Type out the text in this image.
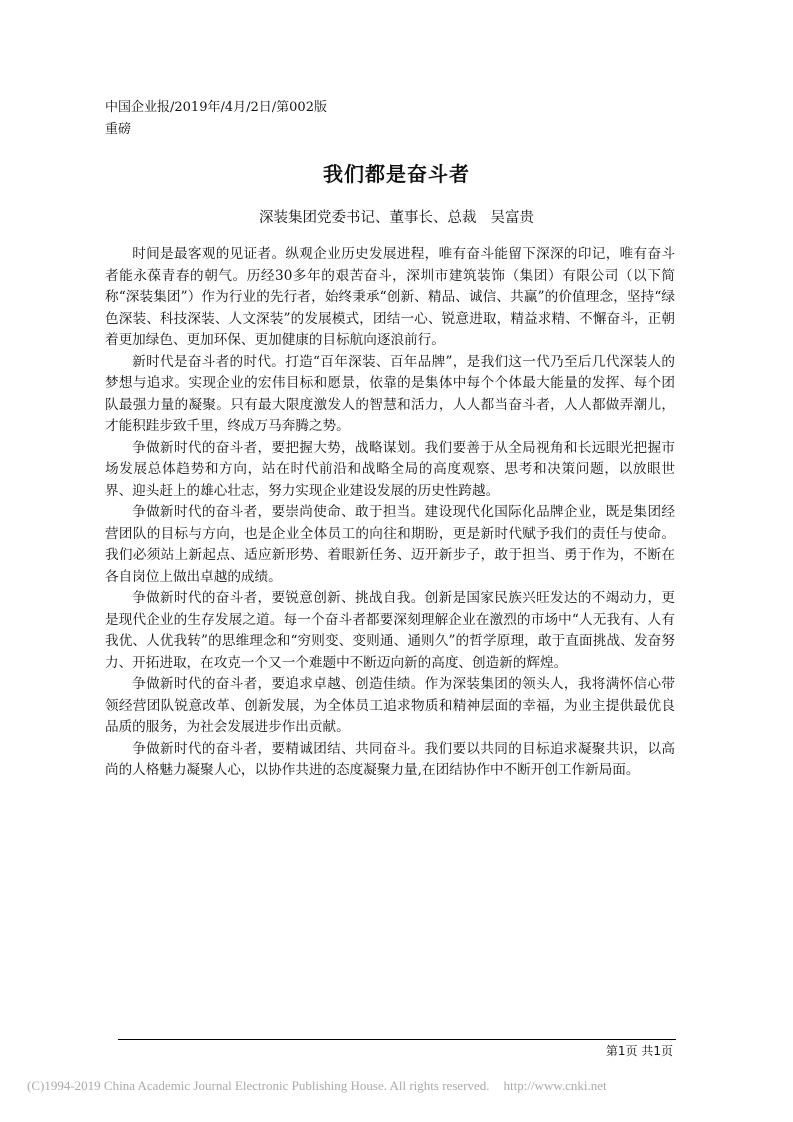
中国企业报/2019年/4月/2日/第002版
重磅
我们都是奋斗者
深装集团党委书记、董事长、总裁 吴富贵

时间是最客观的见证者。纵观企业历史发展进程，唯有奋斗能留下深深的印记，唯有奋斗者能永葆青春的朝气。历经30多年的艰苦奋斗，深圳市建筑装饰（集团）有限公司（以下简称“深装集团”）作为行业的先行者，始终秉承“创新、精品、诚信、共赢”的价值理念，坚持“绿色深装、科技深装、人文深装”的发展模式，团结一心、锐意进取，精益求精、不懈奋斗，正朝着更加绿色、更加环保、更加健康的目标航向逐浪前行。

新时代是奋斗者的时代。打造“百年深装、百年品牌”，是我们这一代乃至后几代深装人的梦想与追求。实现企业的宏伟目标和愿景，依靠的是集体中每个个体最大能量的发挥、每个团队最强力量的凝聚。只有最大限度激发人的智慧和活力，人人都当奋斗者，人人都做弄潮儿，才能积跬步致千里，终成万马奔腾之势。

争做新时代的奋斗者，要把握大势，战略谋划。我们要善于从全局视角和长远眼光把握市场发展总体趋势和方向，站在时代前沿和战略全局的高度观察、思考和决策问题，以放眼世界、迎头赶上的雄心壮志，努力实现企业建设发展的历史性跨越。

争做新时代的奋斗者，要崇尚使命、敢于担当。建设现代化国际化品牌企业，既是集团经营团队的目标与方向，也是企业全体员工的向往和期盼，更是新时代赋予我们的责任与使命。我们必须站上新起点、适应新形势、着眼新任务、迈开新步子，敢于担当、勇于作为，不断在各自岗位上做出卓越的成绩。

争做新时代的奋斗者，要锐意创新、挑战自我。创新是国家民族兴旺发达的不竭动力，更是现代企业的生存发展之道。每一个奋斗者都要深刻理解企业在激烈的市场中“人无我有、人有我优、人优我转”的思维理念和“穷则变、变则通、通则久”的哲学原理，敢于直面挑战、发奋努力、开拓进取，在攻克一个又一个难题中不断迈向新的高度、创造新的辉煌。

争做新时代的奋斗者，要追求卓越、创造佳绩。作为深装集团的领头人，我将满怀信心带领经营团队锐意改革、创新发展，为全体员工追求物质和精神层面的幸福，为业主提供最优良品质的服务，为社会发展进步作出贡献。

争做新时代的奋斗者，要精诚团结、共同奋斗。我们要以共同的目标追求凝聚共识，以高尚的人格魅力凝聚人心，以协作共进的态度凝聚力量,在团结协作中不断开创工作新局面。

第1页 共1页
(C)1994-2019 China Academic Journal Electronic Publishing House. All rights reserved. http://www.cnki.net
